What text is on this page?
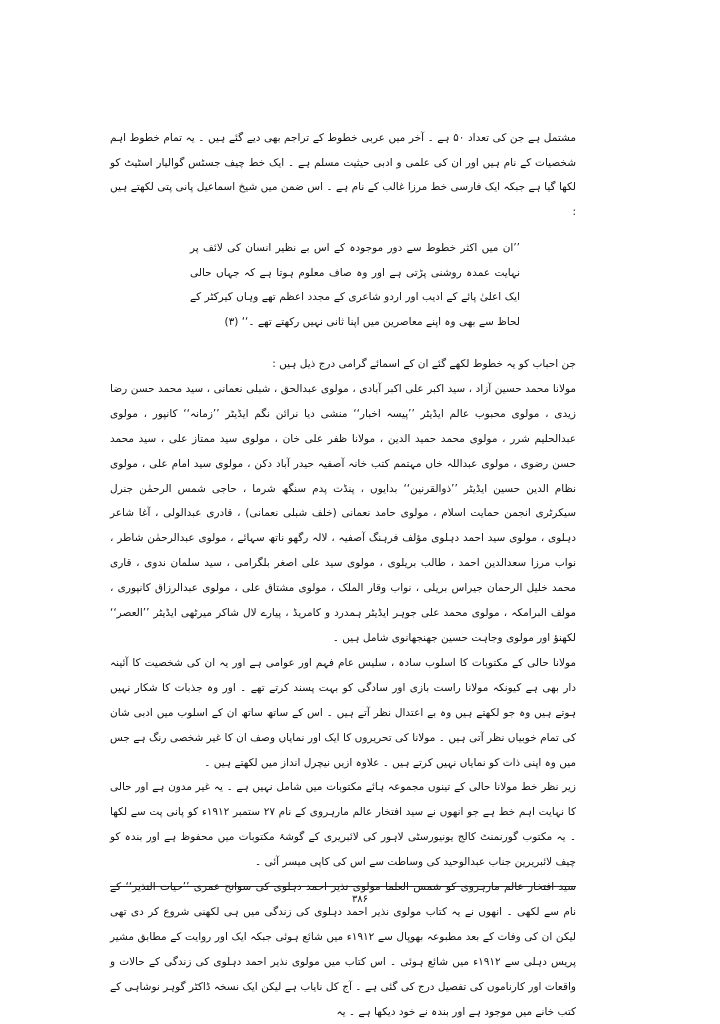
مشتمل ہے جن کی تعداد ۵۰ ہے ۔ آخر میں عربی خطوط کے تراجم بھی دیے گئے ہیں ۔ یہ تمام خطوط اہم شخصیات کے نام ہیں اور ان کی علمی و ادبی حیثیت مسلم ہے ۔ ایک خط چیف جسٹس گوالیار اسٹیٹ کو لکھا گیا ہے جبکہ ایک فارسی خط مرزا غالب کے نام ہے ۔ اس ضمن میں شیخ اسماعیل پانی پتی لکھتے ہیں :
’’ان میں اکثر خطوط سے دور موجودہ کے اس بے نظیر انسان کی لائف پر نہایت عمدہ روشنی پڑتی ہے اور وہ صاف معلوم ہوتا ہے کہ جہاں حالی ایک اعلیٰ پائے کے ادیب اور اردو شاعری کے مجدد اعظم تھے وہاں کیرکٹر کے لحاظ سے بھی وہ اپنے معاصرین میں اپنا ثانی نہیں رکھتے تھے ۔‘‘ (۳)
جن احباب کو یہ خطوط لکھے گئے ان کے اسمائے گرامی درج ذیل ہیں :
مولانا محمد حسین آزاد ، سید اکبر علی اکبر آبادی ، مولوی عبدالحق ، شبلی نعمانی ، سید محمد حسن رضا زیدی ، مولوی محبوب عالم ایڈیٹر ’’پیسہ اخبار‘‘ منشی دیا نرائن نگم ایڈیٹر ’’زمانہ‘‘ کانپور ، مولوی عبدالحلیم شرر ، مولوی محمد حمید الدین ، مولانا ظفر علی خان ، مولوی سید ممتاز علی ، سید محمد حسن رضوی ، مولوی عبداللہ خاں مہتمم کتب خانہ آصفیہ حیدر آباد دکن ، مولوی سید امام علی ، مولوی نظام الدین حسین ایڈیٹر ’’ذوالقرنین‘‘ بدایوں ، پنڈت پدم سنگھ شرما ، حاجی شمس الرحمٰن جنرل سیکرٹری انجمن حمایت اسلام ، مولوی حامد نعمانی (خلف شبلی نعمانی) ، قادری عبدالولی ، آغا شاعر دہلوی ، مولوی سید احمد دہلوی مؤلف فرہنگ آصفیہ ، لالہ رگھو ناتھ سہائے ، مولوی عبدالرحمٰن شاطر ، نواب مرزا سعدالدین احمد ، طالب بریلوی ، مولوی سید علی اصغر بلگرامی ، سید سلمان ندوی ، قاری محمد خلیل الرحمان جیراس بریلی ، نواب وقار الملک ، مولوی مشتاق علی ، مولوی عبدالرزاق کانپوری ، مولف البرامکہ ، مولوی محمد علی جوہر ایڈیٹر ہمدرد و کامریڈ ، پیارے لال شاکر میرٹھی ایڈیٹر ’’العصر‘‘ لکھنؤ اور مولوی وجاہت حسین جھنجھانوی شامل ہیں ۔
مولانا حالی کے مکتوبات کا اسلوب سادہ ، سلیس عام فہم اور عوامی ہے اور یہ ان کی شخصیت کا آئینہ دار بھی ہے کیونکہ مولانا راست بازی اور سادگی کو بہت پسند کرتے تھے ۔ اور وہ جذبات کا شکار نہیں ہوتے ہیں وہ جو لکھتے ہیں وہ بے اعتدال نظر آتے ہیں ۔ اس کے ساتھ ساتھ ان کے اسلوب میں ادبی شان کی تمام خوبیاں نظر آتی ہیں ۔ مولانا کی تحریروں کا ایک اور نمایاں وصف ان کا غیر شخصی رنگ ہے جس میں وہ اپنی ذات کو نمایاں نہیں کرتے ہیں ۔ علاوہ ازیں نیچرل انداز میں لکھتے ہیں ۔
زیر نظر خط مولانا حالی کے تینوں مجموعہ ہائے مکتوبات میں شامل نہیں ہے ۔ یہ غیر مدون ہے اور حالی کا نہایت اہم خط ہے جو انھوں نے سید افتخار عالم مارہروی کے نام ۲۷ ستمبر ۱۹۱۲ء کو پانی پت سے لکھا ۔ یہ مکتوب گورنمنٹ کالج یونیورسٹی لاہور کی لائبریری کے گوشۂ مکتوبات میں محفوظ ہے اور بندہ کو چیف لائبریرین جناب عبدالوحید کی وساطت سے اس کی کاپی میسر آئی ۔
سید افتخار عالم مارہروی کو شمس العلما مولوی نذیر احمد دہلوی کی سوانح عمری ’’حیات النذیر‘‘ کے نام سے لکھی ۔ انھوں نے یہ کتاب مولوی نذیر احمد دہلوی کی زندگی میں ہی لکھنی شروع کر دی تھی لیکن ان کی وفات کے بعد مطبوعہ بھوپال سے ۱۹۱۲ء میں شائع ہوئی جبکہ ایک اور روایت کے مطابق مشیر پریس دہلی سے ۱۹۱۲ء میں شائع ہوئی ۔ اس کتاب میں مولوی نذیر احمد دہلوی کی زندگی کے حالات و واقعات اور کارناموں کی تفصیل درج کی گئی ہے ۔ آج کل نایاب ہے لیکن ایک نسخہ ڈاکٹر گوہر نوشاہی کے کتب خانے میں موجود ہے اور بندہ نے خود دیکھا ہے ۔ یہ
۳۸۶
